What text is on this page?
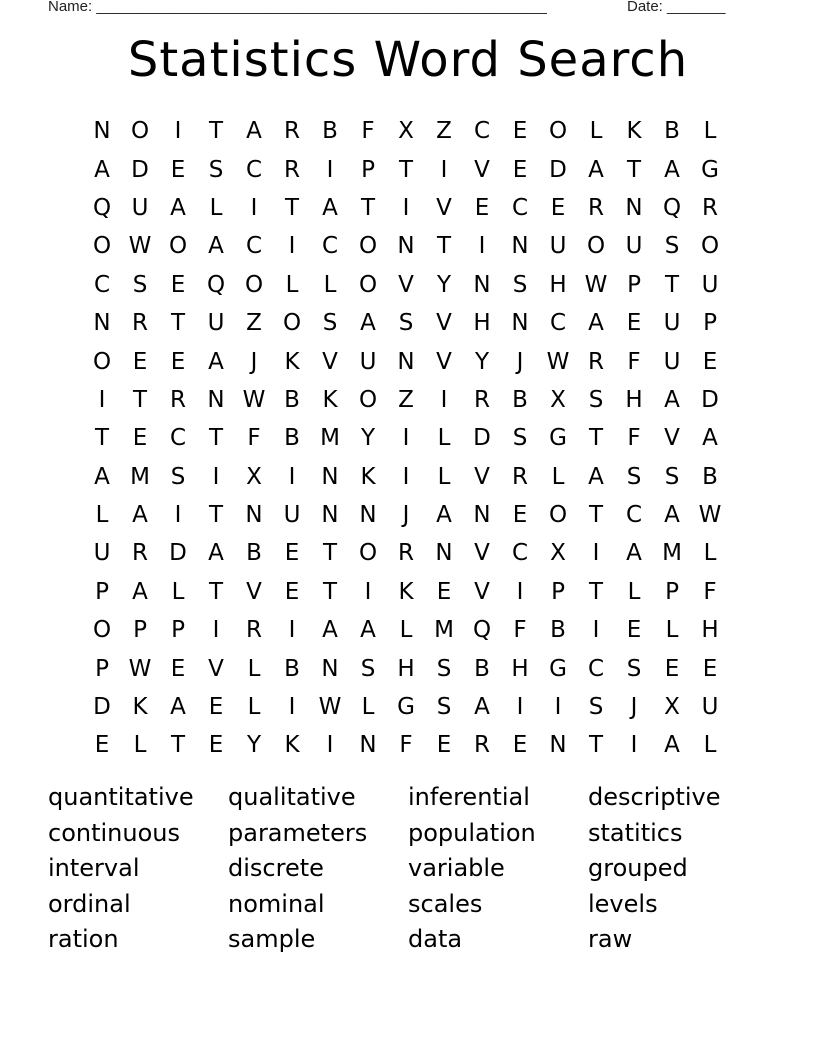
Name: ______________________________________________________	Date: _______
Statistics Word Search
N O	I	T	A R B	F	X Z C E O L	K B	L
A D E	S C R	I	P	T	I	V E D A	T	A G
Q U A	L	I	T	A	T	I	V E C E R N Q R
O W O A C	I	C O N T	I	N U O U S O
C S	E Q O L	L O V	Y N S H W P	T U
N R T U Z O S A S V H N C A E U P
O E	E A	J	K V U N V	Y	J	W R	F U E
I	T R N W B K O Z	I	R B X S H A D
T	E C T	F	B M Y	I	L D S G T	F	V A
A M S	I	X	I	N K	I	L	V R	L	A S	S B
L	A	I	T N U N N	J	A N E O T C A W
U R D A B E	T O R N V C X	I	A M L
P	A	L	T	V E	T	I	K	E V	I	P	T	L	P	F
O P	P	I	R	I	A A	L M Q F	B	I	E	L H
P W E V	L	B N S H S B H G C S	E	E
D K A E	L	I	W L G S A	I	I	S	J	X U
E	L	T	E	Y	K	I	N F	E R E N T	I	A	L
quantitative	qualitative	inferential	descriptive
continuous	parameters	population	statitics
interval	discrete	variable	grouped
ordinal	nominal	scales	levels
ration	sample	data	raw
